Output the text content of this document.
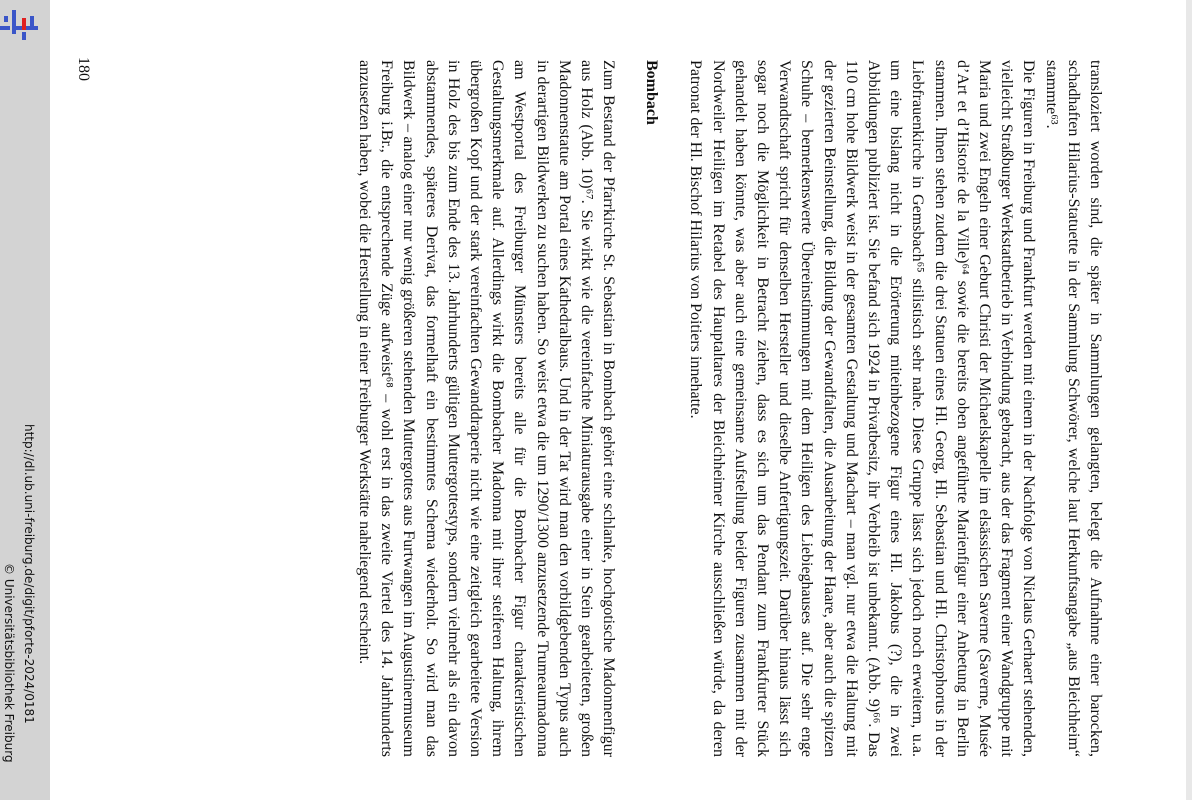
http://dl.ub.uni-freiburg.de/digit/pforte-2024/0181
© Universitätsbibliothek Freiburg
180	transloziert worden sind, die später in Sammlungen gelangten, belegt die Aufnahme einer barocken, schadhaften Hilarius-Statuette in der Sammlung Schwörer, welche laut Herkunftsangabe „aus Bleichheim“ stammte⁶³.

Die Figuren in Freiburg und Frankfurt werden mit einem in der Nachfolge von Niclaus Gerhaert stehenden, vielleicht Straßburger Werkstattbetrieb in Verbindung gebracht, aus der das Fragment einer Wandgruppe mit Maria und zwei Engeln einer Geburt Christi der Michaelskapelle im elsässischen Saverne (Saverne, Musée d’Art et d’Historie de la Ville)⁶⁴ sowie die bereits oben angeführte Marienfigur einer Anbetung in Berlin stammen. Ihnen stehen zudem die drei Statuen eines Hl. Georg, Hl. Sebastian und Hl. Christophorus in der Liebfrauenkirche in Gemsbach⁶⁵ stilistisch sehr nahe. Diese Gruppe lässt sich jedoch noch erweitern, u.a. um eine bislang nicht in die Erörterung miteinbezogene Figur eines Hl. Jakobus (?), die in zwei Abbildungen publiziert ist. Sie befand sich 1924 in Privatbesitz, ihr Verbleib ist unbekannt. (Abb. 9)⁶⁶. Das 110 cm hohe Bildwerk weist in der gesamten Gestaltung und Machart – man vgl. nur etwa die Haltung mit der gezierten Beinstellung, die Bildung der Gewandfalten, die Ausarbeitung der Haare, aber auch die spitzen Schuhe – bemerkenswerte Übereinstimmungen mit dem Heiligen des Liebieghauses auf. Die sehr enge Verwandtschaft spricht für denselben Hersteller und dieselbe Anfertigungszeit. Darüber hinaus lässt sich sogar noch die Möglichkeit in Betracht ziehen, dass es sich um das Pendant zum Frankfurter Stück gehandelt haben könnte, was aber auch eine gemeinsame Aufstellung beider Figuren zusammen mit der Nordweiler Heiligen im Retabel des Hauptaltares der Bleichheimer Kirche ausschließen würde, da deren Patronat der Hl. Bischof Hilarius von Poitiers innehatte.

Bombach

Zum Bestand der Pfarrkirche St. Sebastian in Bombach gehört eine schlanke, hochgotische Madonnenfigur aus Holz (Abb. 10)⁶⁷. Sie wirkt wie die vereinfachte Miniaturausgabe einer in Stein gearbeiteten, großen Madonnenstatue am Portal eines Kathedralbaus. Und in der Tat wird man den vorbildgebenden Typus auch in derartigen Bildwerken zu suchen haben. So weist etwa die um 1290/1300 anzusetzende Trumeaumadonna am Westportal des Freiburger Münsters bereits alle für die Bombacher Figur charakteristischen Gestaltungsmerkmale auf. Allerdings wirkt die Bombacher Madonna mit ihrer steiferen Haltung, ihrem übergroßen Kopf und der stark vereinfachten Gewanddraperie nicht wie eine zeitgleich gearbeitete Version in Holz des bis zum Ende des 13. Jahrhunderts gültigen Muttergottestyps, sondern vielmehr als ein davon abstammendes, späteres Derivat, das formelhaft ein bestimmtes Schema wiederholt. So wird man das Bildwerk – analog einer nur wenig größeren stehenden Muttergottes aus Furtwangen im Augustinermuseum Freiburg i.Br., die entsprechende Züge aufweist⁶⁸ – wohl erst in das zweite Viertel des 14. Jahrhunderts anzusetzen haben, wobei die Herstellung in einer Freiburger Werkstätte naheliegend erscheint.
